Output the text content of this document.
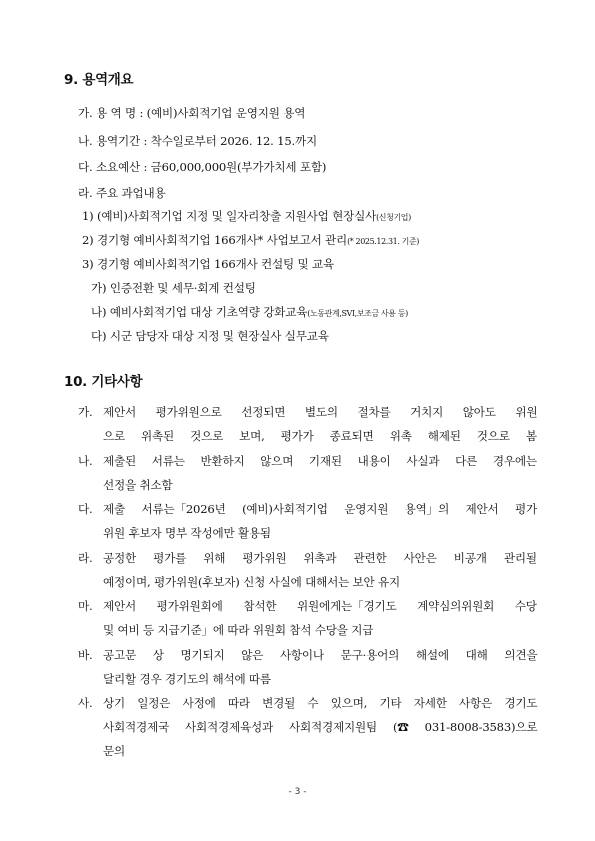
9. 용역개요
가. 용 역 명 : (예비)사회적기업 운영지원 용역
나. 용역기간 : 착수일로부터 2026. 12. 15.까지
다. 소요예산 : 금60,000,000원(부가가치세 포함)
라. 주요 과업내용
1) (예비)사회적기업 지정 및 일자리창출 지원사업 현장실사(신청기업)
2) 경기형 예비사회적기업 166개사* 사업보고서 관리(* 2025.12.31. 기준)
3) 경기형 예비사회적기업 166개사 컨설팅 및 교육
가) 인증전환 및 세무·회계 컨설팅
나) 예비사회적기업 대상 기초역량 강화교육(노동관계,SVI,보조금 사용 등)
다) 시군 담당자 대상 지정 및 현장실사 실무교육
10. 기타사항
가. 제안서 평가위원으로 선정되면 별도의 절차를 거치지 않아도 위원
으로 위촉된 것으로 보며, 평가가 종료되면 위촉 해제된 것으로 봄
나. 제출된 서류는 반환하지 않으며 기재된 내용이 사실과 다른 경우에는
선정을 취소함
다. 제출 서류는「2026년 (예비)사회적기업 운영지원 용역」의 제안서 평가
위원 후보자 명부 작성에만 활용됨
라. 공정한 평가를 위해 평가위원 위촉과 관련한 사안은 비공개 관리될
예정이며, 평가위원(후보자) 신청 사실에 대해서는 보안 유지
마. 제안서 평가위원회에 참석한 위원에게는「경기도 계약심의위원회 수당
및 여비 등 지급기준」에 따라 위원회 참석 수당을 지급
바. 공고문 상 명기되지 않은 사항이나 문구·용어의 해설에 대해 의견을
달리할 경우 경기도의 해석에 따름
사. 상기 일정은 사정에 따라 변경될 수 있으며, 기타 자세한 사항은 경기도
사회적경제국 사회적경제육성과 사회적경제지원팀 (☎ 031-8008-3583)으로
문의
- 3 -
